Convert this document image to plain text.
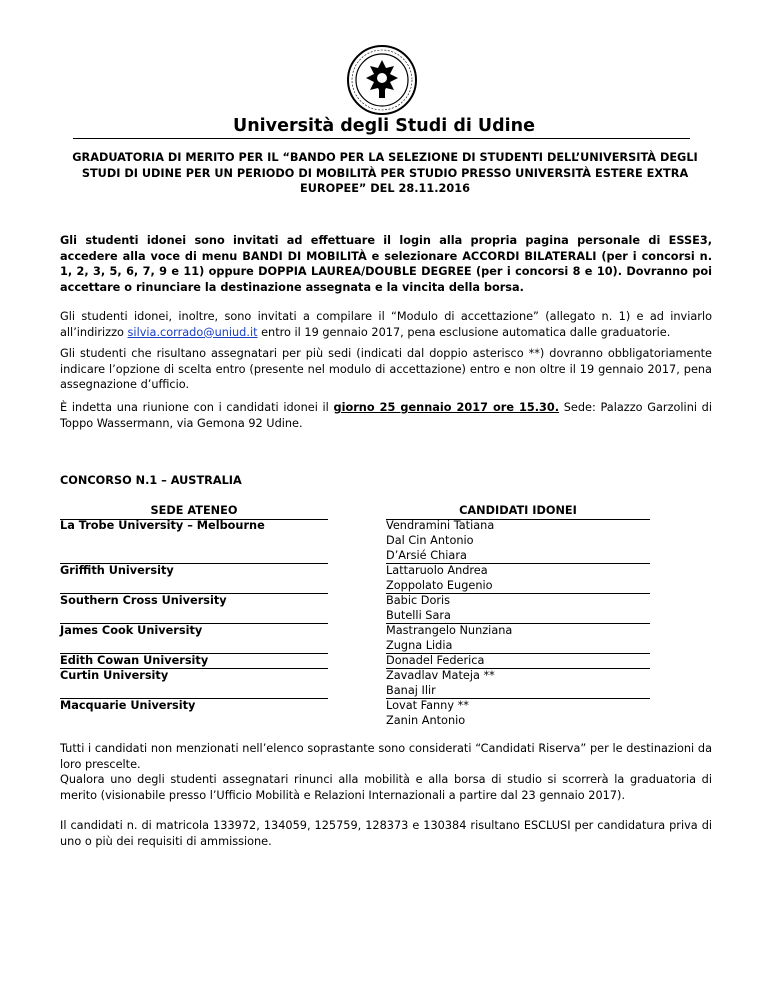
Università degli Studi di Udine
GRADUATORIA DI MERITO PER IL “BANDO PER LA SELEZIONE DI STUDENTI DELL’UNIVERSITÀ DEGLI STUDI DI UDINE PER UN PERIODO DI MOBILITÀ PER STUDIO PRESSO UNIVERSITÀ ESTERE EXTRA EUROPEE” DEL 28.11.2016
Gli studenti idonei sono invitati ad effettuare il login alla propria pagina personale di ESSE3, accedere alla voce di menu BANDI DI MOBILITÀ e selezionare ACCORDI BILATERALI (per i concorsi n. 1, 2, 3, 5, 6, 7, 9 e 11) oppure DOPPIA LAUREA/DOUBLE DEGREE (per i concorsi 8 e 10). Dovranno poi accettare o rinunciare la destinazione assegnata e la vincita della borsa.
Gli studenti idonei, inoltre, sono invitati a compilare il “Modulo di accettazione” (allegato n. 1) e ad inviarlo all’indirizzo silvia.corrado@uniud.it entro il 19 gennaio 2017, pena esclusione automatica dalle graduatorie.
Gli studenti che risultano assegnatari per più sedi (indicati dal doppio asterisco **) dovranno obbligatoriamente indicare l’opzione di scelta entro (presente nel modulo di accettazione) entro e non oltre il 19 gennaio 2017, pena assegnazione d’ufficio.
È indetta una riunione con i candidati idonei il giorno 25 gennaio 2017 ore 15.30. Sede: Palazzo Garzolini di Toppo Wassermann, via Gemona 92 Udine.
CONCORSO N.1 – AUSTRALIA
SEDE ATENEO
La Trobe University – Melbourne
Griffith University
Southern Cross University
James Cook University
Edith Cowan University
Curtin University
Macquarie University
CANDIDATI IDONEI
Vendramini Tatiana
Dal Cin Antonio
D’Arsié Chiara
Lattaruolo Andrea
Zoppolato Eugenio
Babic Doris
Butelli Sara
Mastrangelo Nunziana
Zugna Lidia
Donadel Federica
Zavadlav Mateja **
Banaj Ilir
Lovat Fanny **
Zanin Antonio
Tutti i candidati non menzionati nell’elenco soprastante sono considerati “Candidati Riserva” per le destinazioni da loro prescelte.
Qualora uno degli studenti assegnatari rinunci alla mobilità e alla borsa di studio si scorrerà la graduatoria di merito (visionabile presso l’Ufficio Mobilità e Relazioni Internazionali a partire dal 23 gennaio 2017).
Il candidati n. di matricola 133972, 134059, 125759, 128373 e 130384 risultano ESCLUSI per candidatura priva di uno o più dei requisiti di ammissione.
